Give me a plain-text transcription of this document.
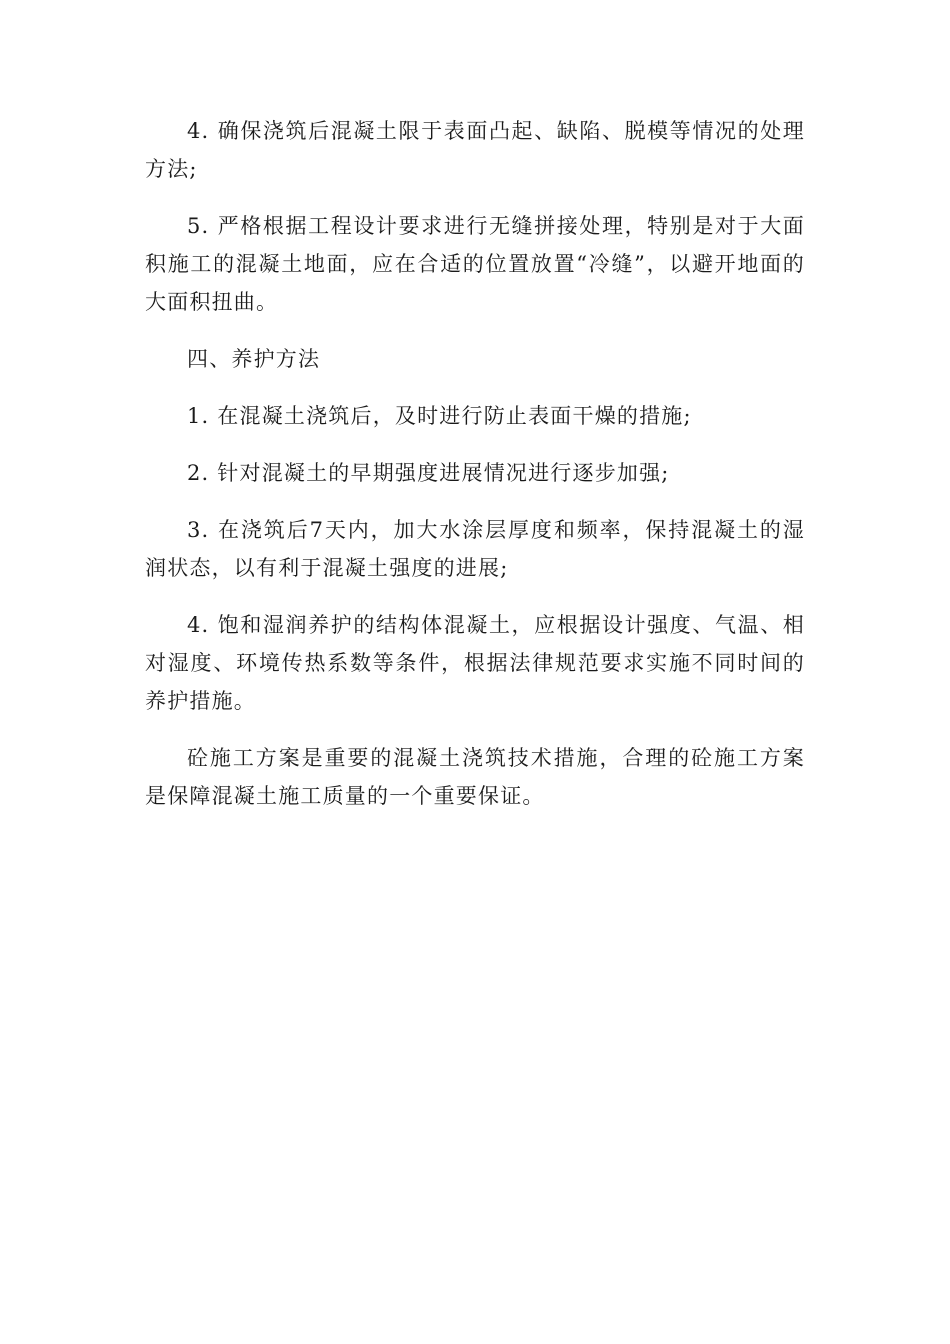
4. 确保浇筑后混凝土限于表面凸起、缺陷、脱模等情况的处理方法;

5. 严格根据工程设计要求进行无缝拼接处理，特别是对于大面积施工的混凝土地面，应在合适的位置放置“冷缝”，以避开地面的大面积扭曲。

四、养护方法

1. 在混凝土浇筑后，及时进行防止表面干燥的措施;

2. 针对混凝土的早期强度进展情况进行逐步加强;

3. 在浇筑后7天内，加大水涂层厚度和频率，保持混凝土的湿润状态，以有利于混凝土强度的进展;

4. 饱和湿润养护的结构体混凝土，应根据设计强度、气温、相对湿度、环境传热系数等条件，根据法律规范要求实施不同时间的养护措施。

砼施工方案是重要的混凝土浇筑技术措施，合理的砼施工方案是保障混凝土施工质量的一个重要保证。
